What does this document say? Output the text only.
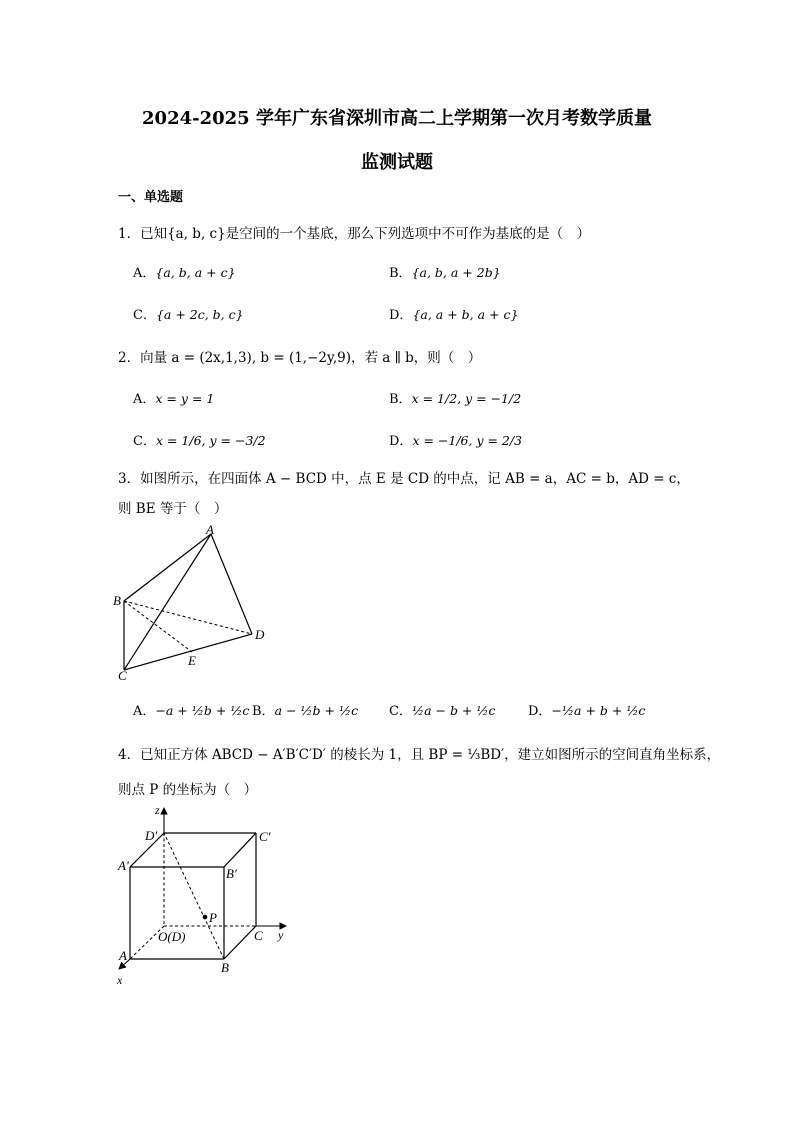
2024-2025 学年广东省深圳市高二上学期第一次月考数学质量
监测试题
一、单选题
1．已知{a, b, c}是空间的一个基底，那么下列选项中不可作为基底的是（　）
A．{a, b, a + c}	B．{a, b, a + 2b}
C．{a + 2c, b, c}	D．{a, a + b, a + c}
2．向量 a = (2x,1,3), b = (1,−2y,9)，若 a ∥ b，则（　）
A．x = y = 1	B．x = 1/2, y = −1/2
C．x = 1/6, y = −3/2	D．x = −1/6, y = 2/3
3．如图所示，在四面体 A − BCD 中，点 E 是 CD 的中点，记 AB = a，AC = b，AD = c，
则 BE 等于（　）
A
B
C
D
E
A．−a + ½b + ½c B．a − ½b + ½c C．½a − b + ½c	D．−½a + b + ½c
4．已知正方体 ABCD − A′B′C′D′ 的棱长为 1，且 BP = ⅓BD′，建立如图所示的空间直角坐标系，
则点 P 的坐标为（　）
z
y
x
D′	C′
A′
B′
P
O(D)	C
A
B
